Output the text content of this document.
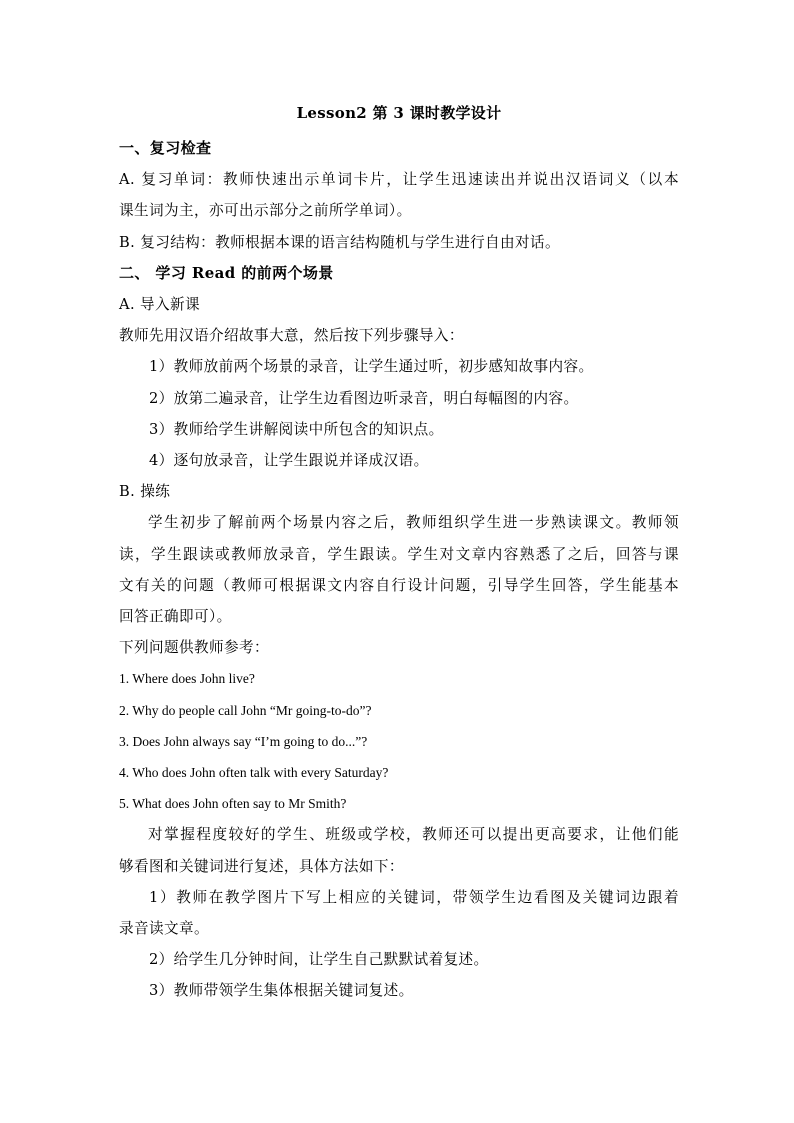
Lesson2 第 3 课时教学设计
一、复习检查
A. 复习单词：教师快速出示单词卡片，让学生迅速读出并说出汉语词义（以本
课生词为主，亦可出示部分之前所学单词）。
B. 复习结构：教师根据本课的语言结构随机与学生进行自由对话。
二、 学习 Read 的前两个场景
A. 导入新课
教师先用汉语介绍故事大意，然后按下列步骤导入：
1）教师放前两个场景的录音，让学生通过听，初步感知故事内容。
2）放第二遍录音，让学生边看图边听录音，明白每幅图的内容。
3）教师给学生讲解阅读中所包含的知识点。
4）逐句放录音，让学生跟说并译成汉语。
B. 操练
学生初步了解前两个场景内容之后，教师组织学生进一步熟读课文。教师领
读，学生跟读或教师放录音，学生跟读。学生对文章内容熟悉了之后，回答与课
文有关的问题（教师可根据课文内容自行设计问题，引导学生回答，学生能基本
回答正确即可）。
下列问题供教师参考：
1. Where does John live?
2. Why do people call John “Mr going-to-do”?
3. Does John always say “I’m going to do...”?
4. Who does John often talk with every Saturday?
5. What does John often say to Mr Smith?
对掌握程度较好的学生、班级或学校，教师还可以提出更高要求，让他们能
够看图和关键词进行复述，具体方法如下：
1）教师在教学图片下写上相应的关键词，带领学生边看图及关键词边跟着
录音读文章。
2）给学生几分钟时间，让学生自己默默试着复述。
3）教师带领学生集体根据关键词复述。
